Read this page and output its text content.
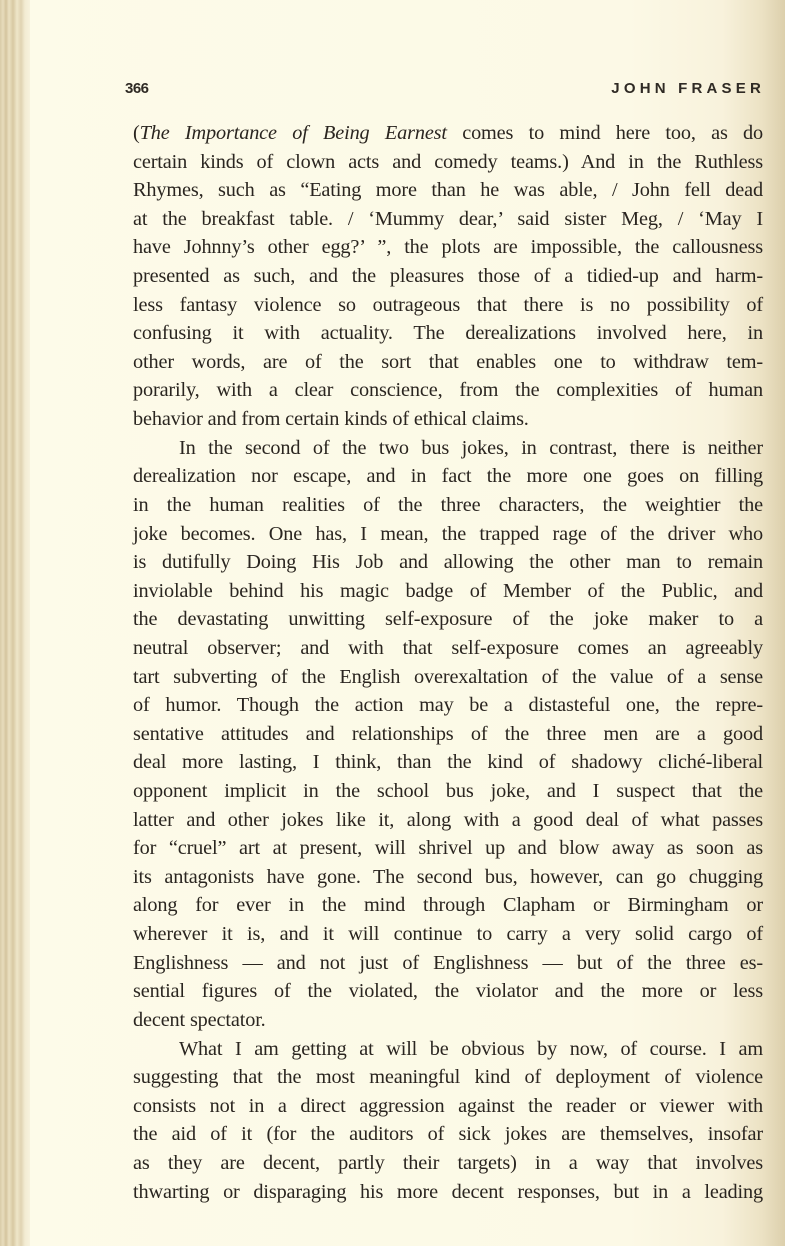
366	JOHN FRASER
(The Importance of Being Earnest comes to mind here too, as do
certain kinds of clown acts and comedy teams.) And in the Ruthless
Rhymes, such as “Eating more than he was able, / John fell dead
at the breakfast table. / ‘Mummy dear,’ said sister Meg, / ‘May I
have Johnny’s other egg?’ ”, the plots are impossible, the callousness
presented as such, and the pleasures those of a tidied-up and harm-
less fantasy violence so outrageous that there is no possibility of
confusing it with actuality. The derealizations involved here, in
other words, are of the sort that enables one to withdraw tem-
porarily, with a clear conscience, from the complexities of human
behavior and from certain kinds of ethical claims.
In the second of the two bus jokes, in contrast, there is neither
derealization nor escape, and in fact the more one goes on filling
in the human realities of the three characters, the weightier the
joke becomes. One has, I mean, the trapped rage of the driver who
is dutifully Doing His Job and allowing the other man to remain
inviolable behind his magic badge of Member of the Public, and
the devastating unwitting self-exposure of the joke maker to a
neutral observer; and with that self-exposure comes an agreeably
tart subverting of the English overexaltation of the value of a sense
of humor. Though the action may be a distasteful one, the repre-
sentative attitudes and relationships of the three men are a good
deal more lasting, I think, than the kind of shadowy cliché-liberal
opponent implicit in the school bus joke, and I suspect that the
latter and other jokes like it, along with a good deal of what passes
for “cruel” art at present, will shrivel up and blow away as soon as
its antagonists have gone. The second bus, however, can go chugging
along for ever in the mind through Clapham or Birmingham or
wherever it is, and it will continue to carry a very solid cargo of
Englishness — and not just of Englishness — but of the three es-
sential figures of the violated, the violator and the more or less
decent spectator.
What I am getting at will be obvious by now, of course. I am
suggesting that the most meaningful kind of deployment of violence
consists not in a direct aggression against the reader or viewer with
the aid of it (for the auditors of sick jokes are themselves, insofar
as they are decent, partly their targets) in a way that involves
thwarting or disparaging his more decent responses, but in a leading
